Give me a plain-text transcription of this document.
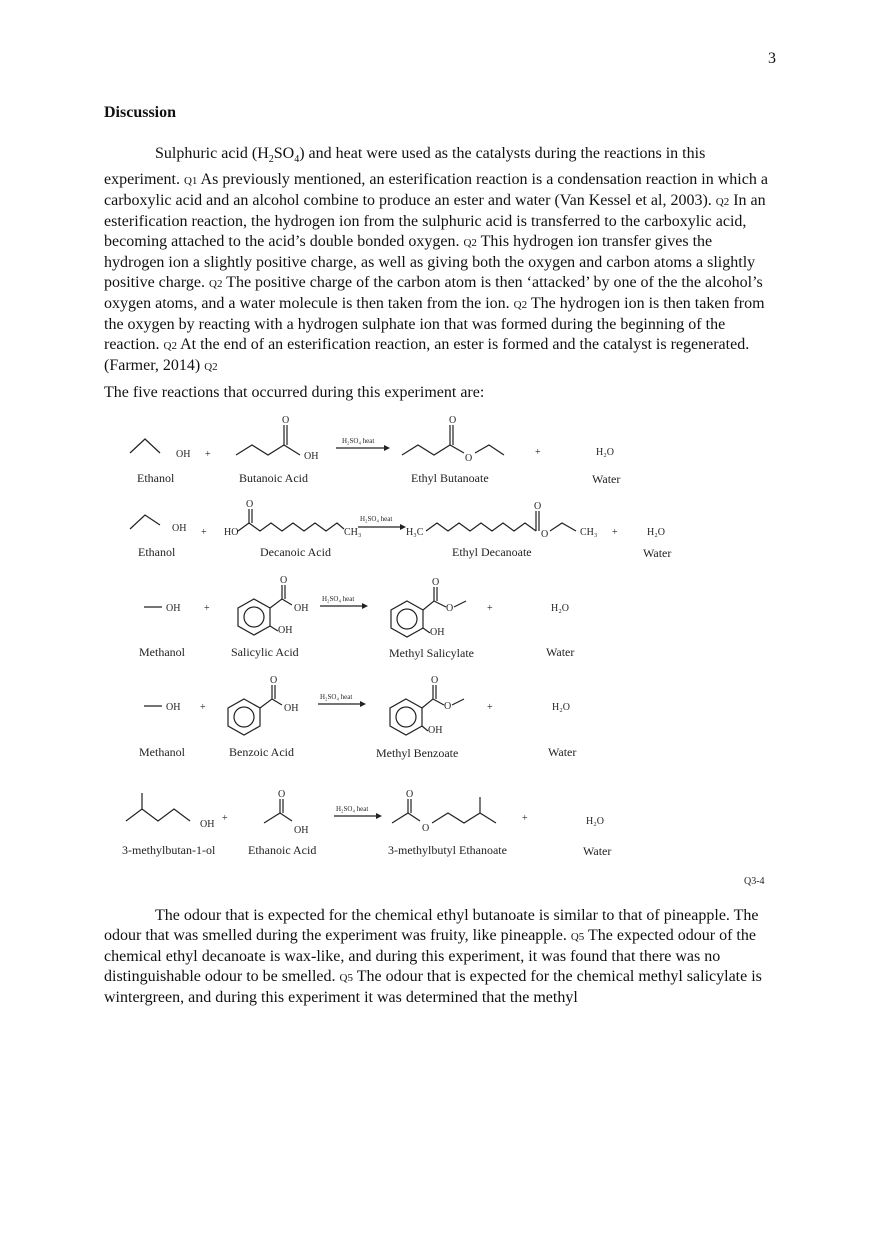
3
Discussion
Sulphuric acid $(H_2SO_4)$ and heat were used as the catalysts during the reactions in this experiment. Q1 As previously mentioned, an esterification reaction is a condensation reaction in which a carboxylic acid and an alcohol combine to produce an ester and water (Van Kessel et al, 2003). Q2 In an esterification reaction, the hydrogen ion from the sulphuric acid is transferred to the carboxylic acid, becoming attached to the acid’s double bonded oxygen. Q2 This hydrogen ion transfer gives the hydrogen ion a slightly positive charge, as well as giving both the oxygen and carbon atoms a slightly positive charge. Q2 The positive charge of the carbon atom is then ‘attacked’ by one of the the alcohol’s oxygen atoms, and a water molecule is then taken from the ion. Q2 The hydrogen ion is then taken from the oxygen by reacting with a hydrogen sulphate ion that was formed during the beginning of the reaction. Q2 At the end of an esterification reaction, an ester is formed and the catalyst is regenerated. (Farmer, 2014) Q2
The five reactions that occurred during this experiment are:
OH +
O
OH
H₂SO₄ heat
O
O
+	H₂O
Ethanol	Butanoic Acid	Ethyl Butanoate	Water
OH + HO
O
CH₃
H₂SO₄ heat
H₃C
O
O	CH₃ +	H₂O
Ethanol	Decanoic Acid	Ethyl Decanoate	Water
OH +
O
OH
OH
H₂SO₄ heat
O
O
OH
+	H₂O
Methanol	Salicylic Acid	Methyl Salicylate	Water
OH +
O
OH
H₂SO₄ heat
O
O
OH
+	H₂O
Methanol	Benzoic Acid	Methyl Benzoate	Water
OH
+
O
OH
H₂SO₄ heat
O
O
+	H₂O
3-methylbutan-1-ol	Ethanoic Acid	3-methylbutyl Ethanoate	Water
Q3-4
The odour that is expected for the chemical ethyl butanoate is similar to that of pineapple. The odour that was smelled during the experiment was fruity, like pineapple. Q5 The expected odour of the chemical ethyl decanoate is wax-like, and during this experiment, it was found that there was no distinguishable odour to be smelled. Q5 The odour that is expected for the chemical methyl salicylate is wintergreen, and during this experiment it was determined that the methyl
